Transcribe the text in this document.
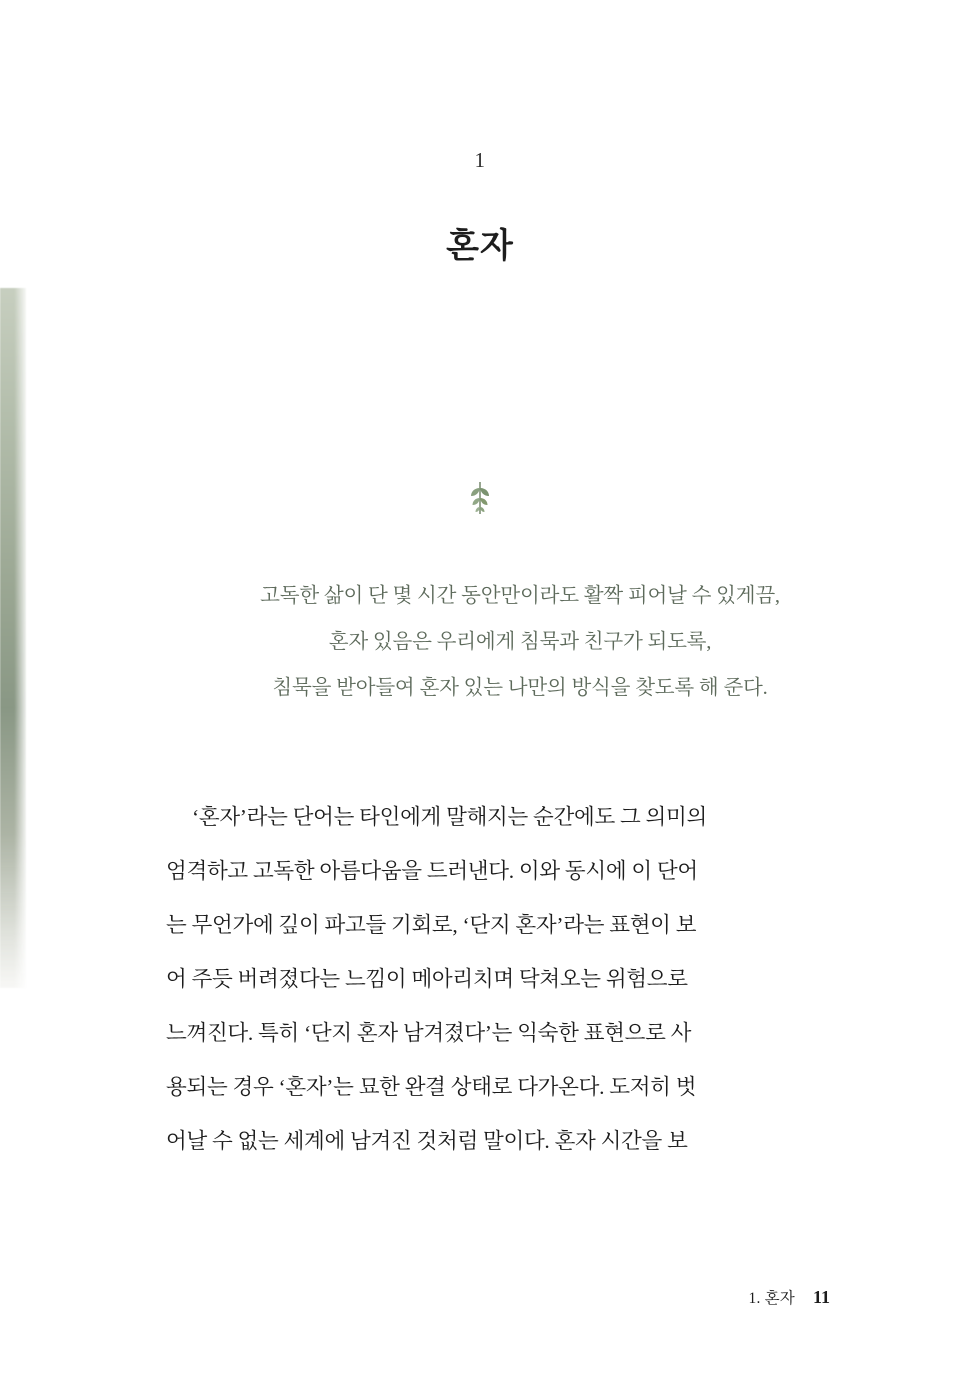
1
혼자
고독한 삶이 단 몇 시간 동안만이라도 활짝 피어날 수 있게끔,
혼자 있음은 우리에게 침묵과 친구가 되도록,
침묵을 받아들여 혼자 있는 나만의 방식을 찾도록 해 준다.
‘혼자’라는 단어는 타인에게 말해지는 순간에도 그 의미의
엄격하고 고독한 아름다움을 드러낸다. 이와 동시에 이 단어
는 무언가에 깊이 파고들 기회로, ‘단지 혼자’라는 표현이 보
어 주듯 버려졌다는 느낌이 메아리치며 닥쳐오는 위험으로
느껴진다. 특히 ‘단지 혼자 남겨졌다’는 익숙한 표현으로 사
용되는 경우 ‘혼자’는 묘한 완결 상태로 다가온다. 도저히 벗
어날 수 없는 세계에 남겨진 것처럼 말이다. 혼자 시간을 보
1. 혼자 11
